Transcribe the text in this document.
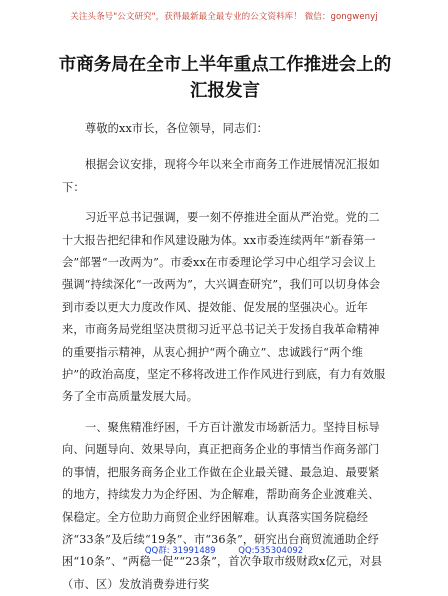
关注头条号"公文研究"，获得最新最全最专业的公文资料库！ 微信：gongwenyj
市商务局在全市上半年重点工作推进会上的汇报发言

尊敬的xx市长，各位领导，同志们：

根据会议安排，现将今年以来全市商务工作进展情况汇报如下：

习近平总书记强调，要一刻不停推进全面从严治党。党的二十大报告把纪律和作风建设融为体。xx市委连续两年“新春第一会”部署“一改两为”。市委xx在市委理论学习中心组学习会议上强调“持续深化“一改两为”，大兴调查研究”，我们可以切身体会到市委以更大力度改作风、提效能、促发展的坚强决心。近年来，市商务局党组坚决贯彻习近平总书记关于发扬自我革命精神的重要指示精神，从衷心拥护“两个确立”、忠诚践行“两个维护”的政治高度，坚定不移将改进工作作风进行到底，有力有效服务了全市高质量发展大局。

一、聚焦精准纾困，千方百计激发市场新活力。坚持目标导向、问题导向、效果导向，真正把商务企业的事情当作商务部门的事情，把服务商务企业工作做在企业最关键、最急迫、最要紧的地方，持续发力为企纾困、为企解难，帮助商务企业渡难关、保稳定。全方位助力商贸企业纾困解难。认真落实国务院稳经济“33条”及后续“19条”、市“36条”，研究出台商贸流通助企纾困“10条”、“两稳一促”“23条”，首次争取市级财政x亿元，对县（市、区）发放消费券进行奖

QQ群: 31991489	QQ:535304092
